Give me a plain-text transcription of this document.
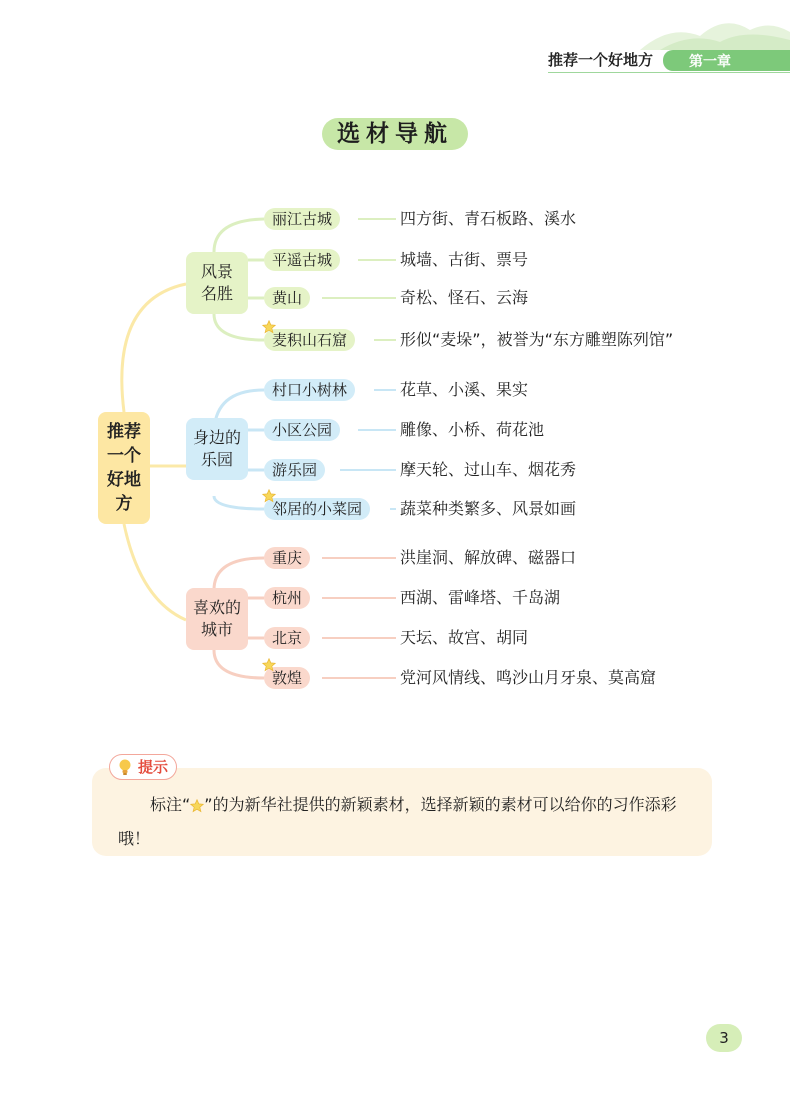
推荐一个好地方	第一章
选材导航
推荐
一个
好地
方
风景
名胜
身边的
乐园
喜欢的
城市
丽江古城	四方街、青石板路、溪水
平遥古城	城墙、古街、票号
黄山	奇松、怪石、云海
麦积山石窟	形似“麦垛”，被誉为“东方雕塑陈列馆”
村口小树林	花草、小溪、果实
小区公园	雕像、小桥、荷花池
游乐园	摩天轮、过山车、烟花秀
邻居的小菜园	蔬菜种类繁多、风景如画
重庆	洪崖洞、解放碑、磁器口
杭州	西湖、雷峰塔、千岛湖
北京	天坛、故宫、胡同
敦煌	党河风情线、鸣沙山月牙泉、莫高窟
提示
标注“ ”的为新华社提供的新颖素材，选择新颖的素材可以给你的习作添彩哦！
3
